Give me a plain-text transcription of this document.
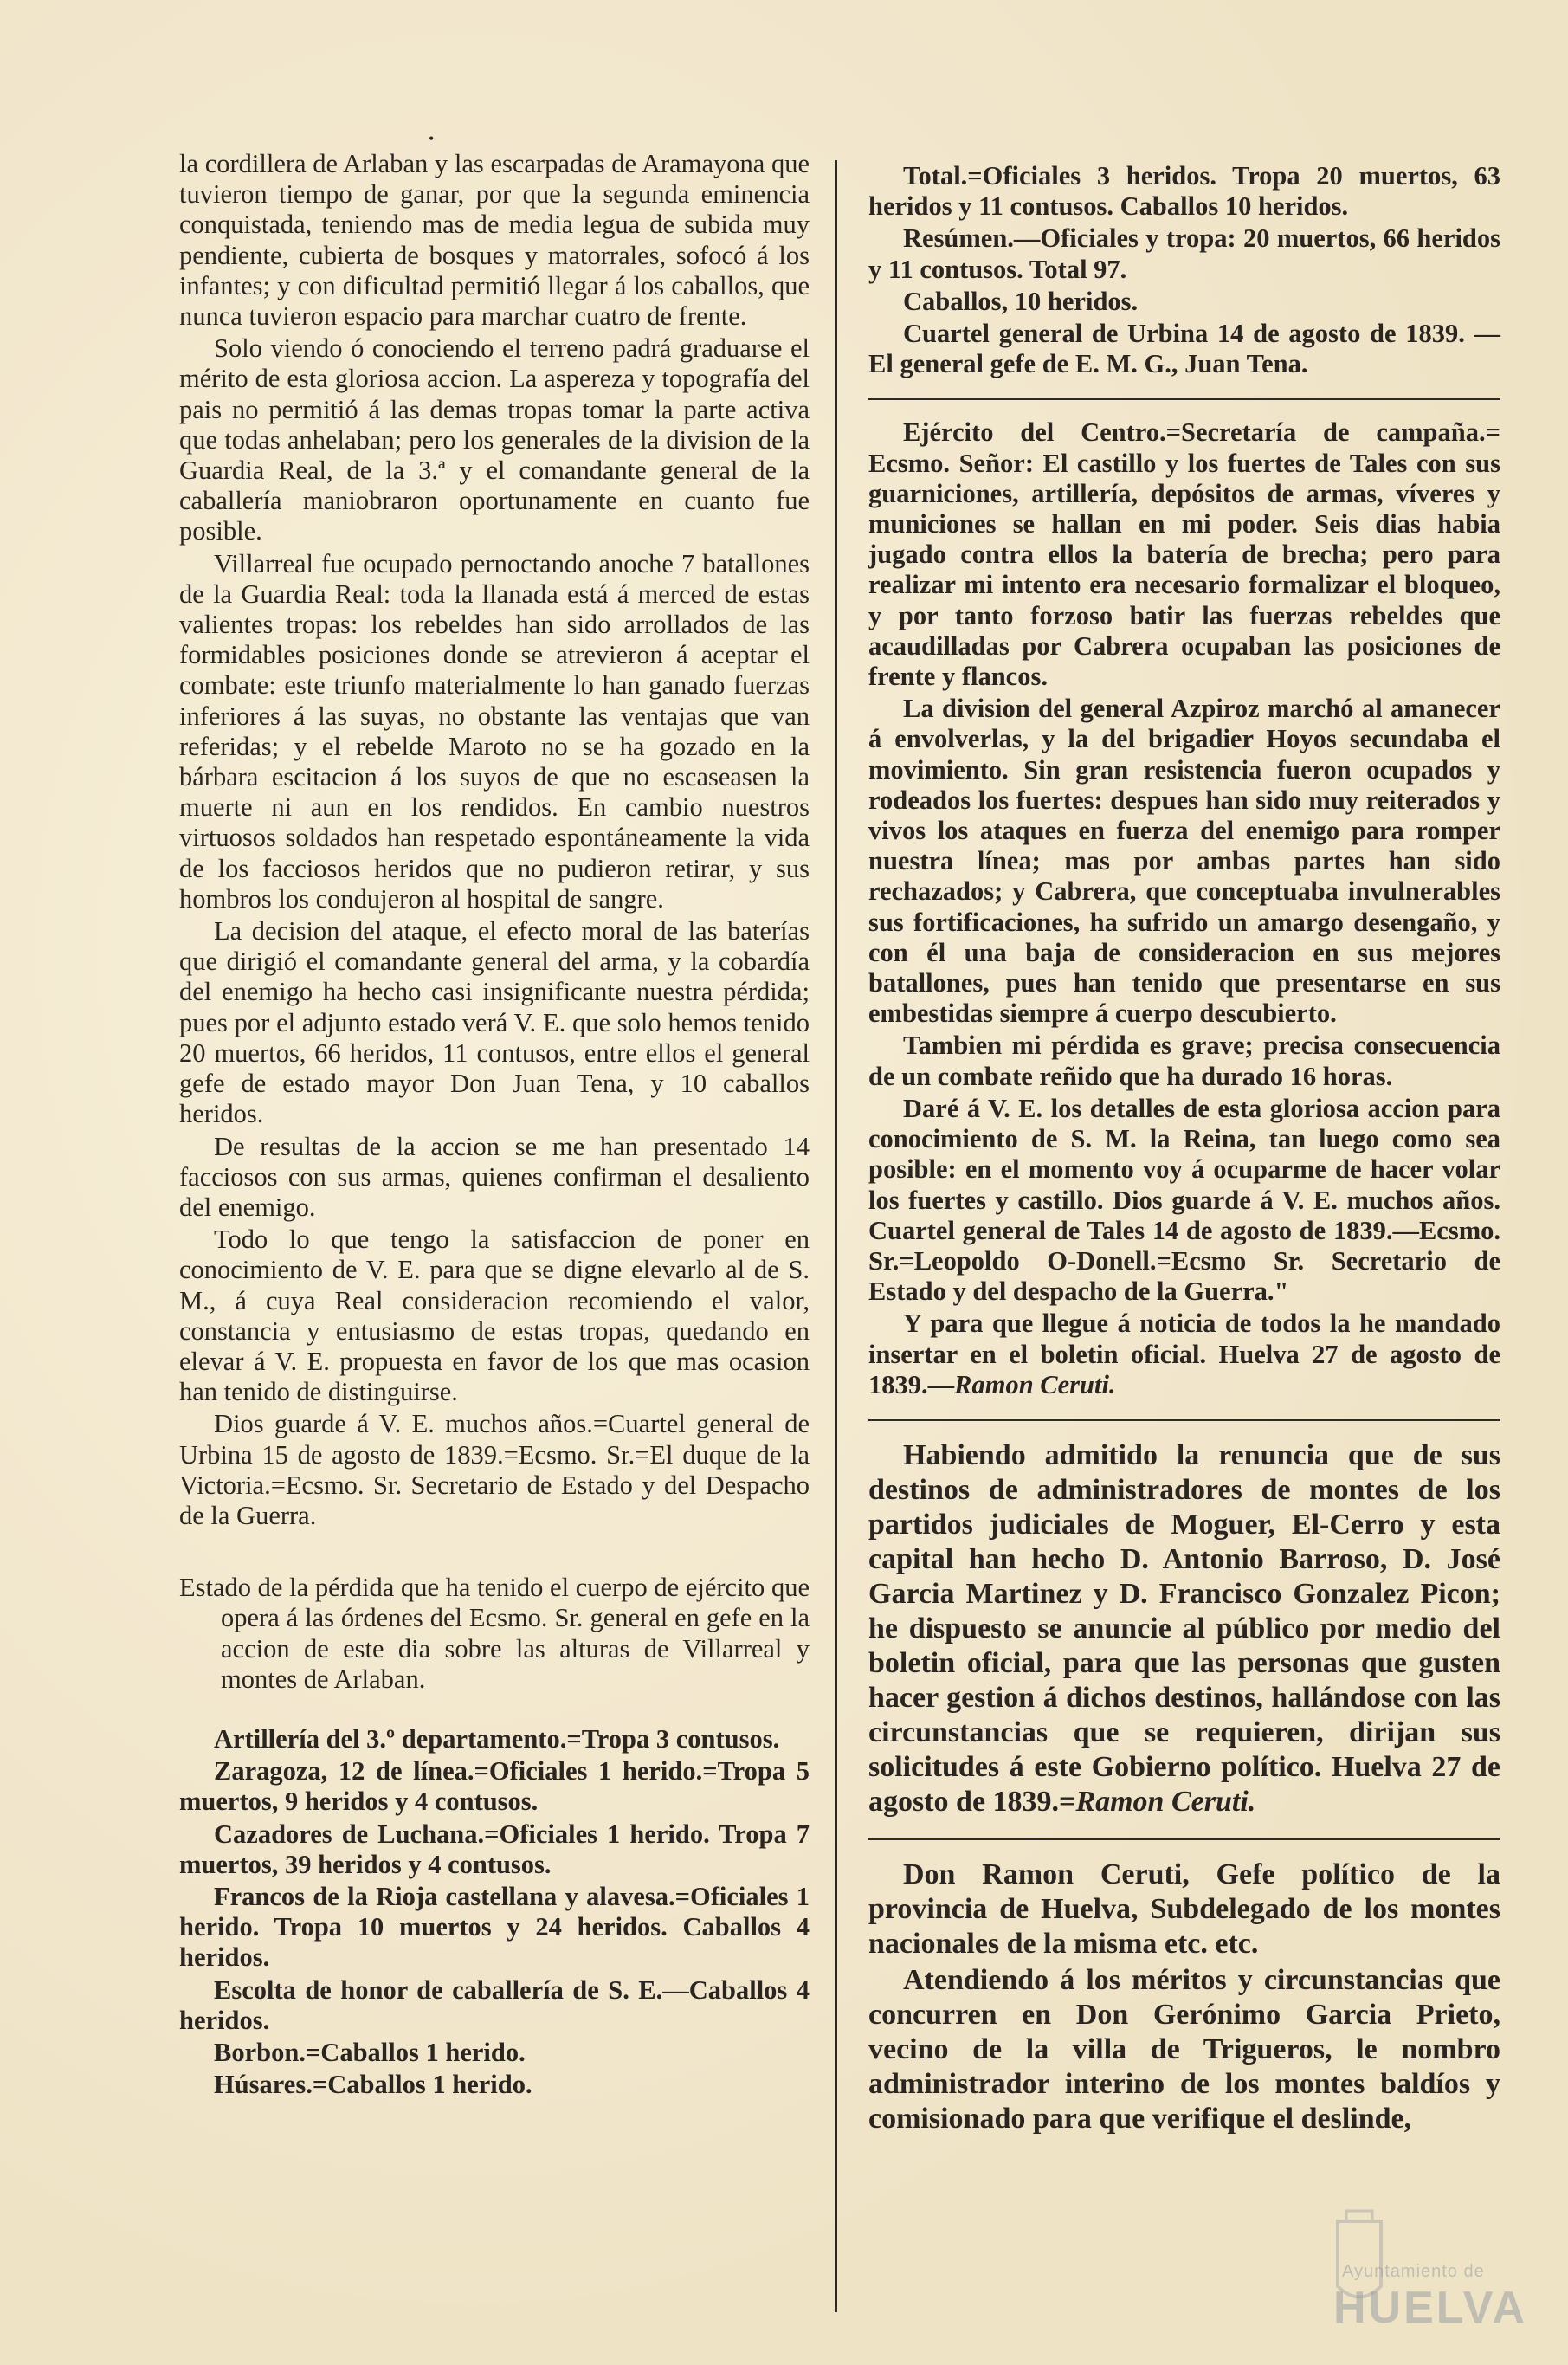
•

la cordillera de Arlaban y las escarpadas de Aramayona que tuvieron tiempo de ganar, por que la segunda eminencia conquistada, teniendo mas de media legua de subida muy pendiente, cubierta de bosques y matorrales, sofocó á los infantes; y con dificultad permitió llegar á los caballos, que nunca tuvieron espacio para marchar cuatro de frente.

Solo viendo ó conociendo el terreno padrá graduarse el mérito de esta gloriosa accion. La aspereza y topografía del pais no permitió á las demas tropas tomar la parte activa que todas anhelaban; pero los generales de la division de la Guardia Real, de la 3.ª y el comandante general de la caballería maniobraron oportunamente en cuanto fue posible.

Villarreal fue ocupado pernoctando anoche 7 batallones de la Guardia Real: toda la llanada está á merced de estas valientes tropas: los rebeldes han sido arrollados de las formidables posiciones donde se atrevieron á aceptar el combate: este triunfo materialmente lo han ganado fuerzas inferiores á las suyas, no obstante las ventajas que van referidas; y el rebelde Maroto no se ha gozado en la bárbara escitacion á los suyos de que no escaseasen la muerte ni aun en los rendidos. En cambio nuestros virtuosos soldados han respetado espontáneamente la vida de los facciosos heridos que no pudieron retirar, y sus hombros los condujeron al hospital de sangre.

La decision del ataque, el efecto moral de las baterías que dirigió el comandante general del arma, y la cobardía del enemigo ha hecho casi insignificante nuestra pérdida; pues por el adjunto estado verá V. E. que solo hemos tenido 20 muertos, 66 heridos, 11 contusos, entre ellos el general gefe de estado mayor Don Juan Tena, y 10 caballos heridos.

De resultas de la accion se me han presentado 14 facciosos con sus armas, quienes confirman el desaliento del enemigo.

Todo lo que tengo la satisfaccion de poner en conocimiento de V. E. para que se digne elevarlo al de S. M., á cuya Real consideracion recomiendo el valor, constancia y entusiasmo de estas tropas, quedando en elevar á V. E. propuesta en favor de los que mas ocasion han tenido de distinguirse.

Dios guarde á V. E. muchos años.=Cuartel general de Urbina 15 de agosto de 1839.=Ecsmo. Sr.=El duque de la Victoria.=Ecsmo. Sr. Secretario de Estado y del Despacho de la Guerra.

Estado de la pérdida que ha tenido el cuerpo de ejército que opera á las órdenes del Ecsmo. Sr. general en gefe en la accion de este dia sobre las alturas de Villarreal y montes de Arlaban.

Artillería del 3.º departamento.=Tropa 3 contusos.

Zaragoza, 12 de línea.=Oficiales 1 herido.=Tropa 5 muertos, 9 heridos y 4 contusos.

Cazadores de Luchana.=Oficiales 1 herido. Tropa 7 muertos, 39 heridos y 4 contusos.

Francos de la Rioja castellana y alavesa.=Oficiales 1 herido. Tropa 10 muertos y 24 heridos. Caballos 4 heridos.

Escolta de honor de caballería de S. E.—Caballos 4 heridos.

Borbon.=Caballos 1 herido.

Húsares.=Caballos 1 herido.

Total.=Oficiales 3 heridos. Tropa 20 muertos, 63 heridos y 11 contusos. Caballos 10 heridos.

Resúmen.—Oficiales y tropa: 20 muertos, 66 heridos y 11 contusos. Total 97.

Caballos, 10 heridos.

Cuartel general de Urbina 14 de agosto de 1839. —El general gefe de E. M. G., Juan Tena.

Ejército del Centro.=Secretaría de campaña.= Ecsmo. Señor: El castillo y los fuertes de Tales con sus guarniciones, artillería, depósitos de armas, víveres y municiones se hallan en mi poder. Seis dias habia jugado contra ellos la batería de brecha; pero para realizar mi intento era necesario formalizar el bloqueo, y por tanto forzoso batir las fuerzas rebeldes que acaudilladas por Cabrera ocupaban las posiciones de frente y flancos.

La division del general Azpiroz marchó al amanecer á envolverlas, y la del brigadier Hoyos secundaba el movimiento. Sin gran resistencia fueron ocupados y rodeados los fuertes: despues han sido muy reiterados y vivos los ataques en fuerza del enemigo para romper nuestra línea; mas por ambas partes han sido rechazados; y Cabrera, que conceptuaba invulnerables sus fortificaciones, ha sufrido un amargo desengaño, y con él una baja de consideracion en sus mejores batallones, pues han tenido que presentarse en sus embestidas siempre á cuerpo descubierto.

Tambien mi pérdida es grave; precisa consecuencia de un combate reñido que ha durado 16 horas.

Daré á V. E. los detalles de esta gloriosa accion para conocimiento de S. M. la Reina, tan luego como sea posible: en el momento voy á ocuparme de hacer volar los fuertes y castillo. Dios guarde á V. E. muchos años. Cuartel general de Tales 14 de agosto de 1839.—Ecsmo. Sr.=Leopoldo O-Donell.=Ecsmo Sr. Secretario de Estado y del despacho de la Guerra."

Y para que llegue á noticia de todos la he mandado insertar en el boletin oficial. Huelva 27 de agosto de 1839.—Ramon Ceruti.

Habiendo admitido la renuncia que de sus destinos de administradores de montes de los partidos judiciales de Moguer, El-Cerro y esta capital han hecho D. Antonio Barroso, D. José Garcia Martinez y D. Francisco Gonzalez Picon; he dispuesto se anuncie al público por medio del boletin oficial, para que las personas que gusten hacer gestion á dichos destinos, hallándose con las circunstancias que se requieren, dirijan sus solicitudes á este Gobierno político. Huelva 27 de agosto de 1839.=Ramon Ceruti.

Don Ramon Ceruti, Gefe político de la provincia de Huelva, Subdelegado de los montes nacionales de la misma etc. etc.

Atendiendo á los méritos y circunstancias que concurren en Don Gerónimo Garcia Prieto, vecino de la villa de Trigueros, le nombro administrador interino de los montes baldíos y comisionado para que verifique el deslinde,

Ayuntamiento de
HUELVA
